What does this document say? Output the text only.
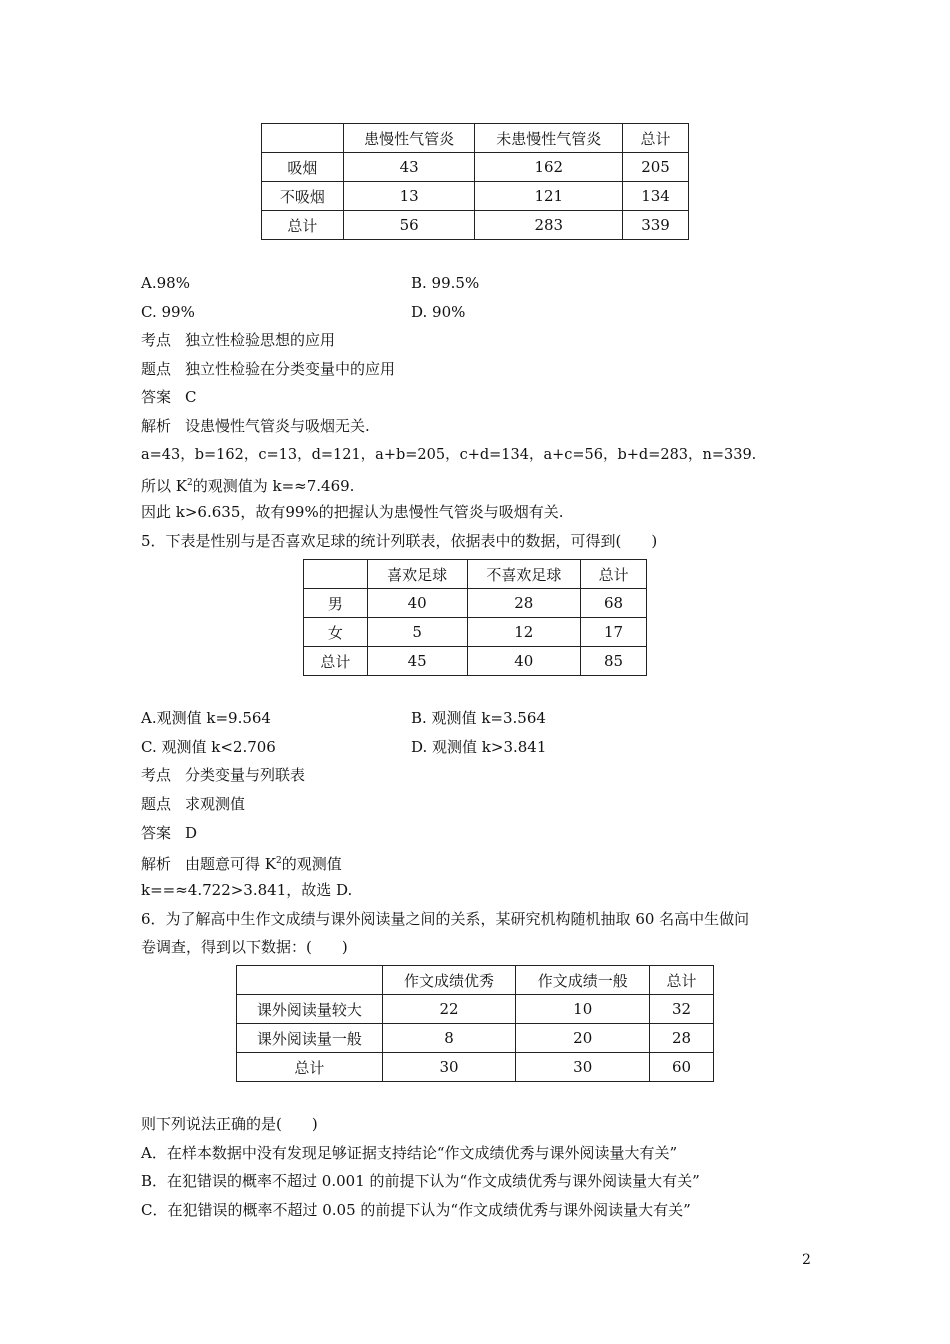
	患慢性气管炎	未患慢性气管炎	总计
吸烟	43	162	205
不吸烟	13	121	134
总计	56	283	339
A.98%	B. 99.5%
C. 99%	D. 90%
考点 独立性检验思想的应用
题点 独立性检验在分类变量中的应用
答案 C
解析 设患慢性气管炎与吸烟无关.
a=43，b=162，c=13，d=121，a+b=205，c+d=134，a+c=56，b+d=283，n=339.
所以 $K^2$的观测值为 k=≈7.469.
因此 k>6.635，故有99%的把握认为患慢性气管炎与吸烟有关.
5．下表是性别与是否喜欢足球的统计列联表，依据表中的数据，可得到(　　)
	喜欢足球	不喜欢足球	总计
男	40	28	68
女	5	12	17
总计	45	40	85
A.观测值 k=9.564	B. 观测值 k=3.564
C. 观测值 k<2.706	D. 观测值 k>3.841
考点 分类变量与列联表
题点 求观测值
答案 D
解析 由题意可得 $K^2$的观测值
k==≈4.722>3.841，故选 D.
6．为了解高中生作文成绩与课外阅读量之间的关系，某研究机构随机抽取 60 名高中生做问
卷调查，得到以下数据：(　　)
	作文成绩优秀	作文成绩一般	总计
课外阅读量较大	22	10	32
课外阅读量一般	8	20	28
总计	30	30	60
则下列说法正确的是(　　)
A．在样本数据中没有发现足够证据支持结论“作文成绩优秀与课外阅读量大有关”
B．在犯错误的概率不超过 0.001 的前提下认为“作文成绩优秀与课外阅读量大有关”
C．在犯错误的概率不超过 0.05 的前提下认为“作文成绩优秀与课外阅读量大有关”
2
